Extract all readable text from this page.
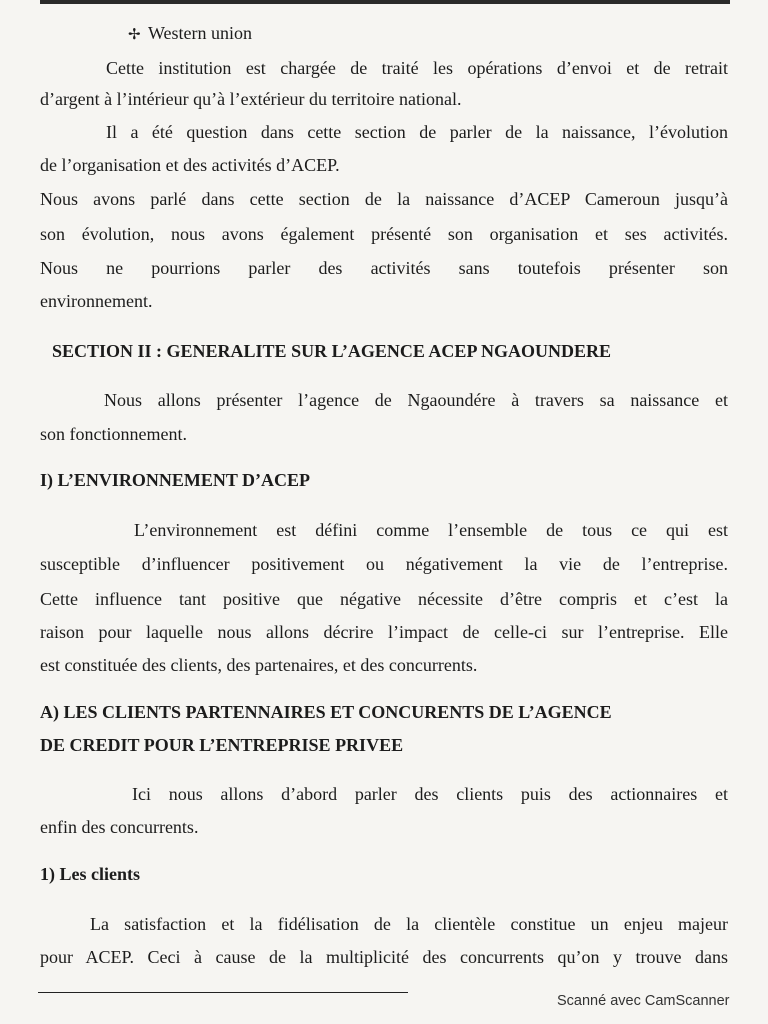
✢ Western union
Cette institution est chargée de traité les opérations d’envoi et de retrait
d’argent à l’intérieur qu’à l’extérieur du territoire national.
Il a été question dans cette section de parler de la naissance, l’évolution
de l’organisation et des activités d’ACEP.
Nous avons parlé dans cette section de la naissance d’ACEP Cameroun jusqu’à
son évolution, nous avons également présenté son organisation et ses activités.
Nous ne pourrions parler des activités sans toutefois présenter son
environnement.
SECTION II : GENERALITE SUR L’AGENCE ACEP NGAOUNDERE
Nous allons présenter l’agence de Ngaoundére à travers sa naissance et
son fonctionnement.
I) L’ENVIRONNEMENT D’ACEP
L’environnement est défini comme l’ensemble de tous ce qui est
susceptible d’influencer positivement ou négativement la vie de l’entreprise.
Cette influence tant positive que négative nécessite d’être compris et c’est la
raison pour laquelle nous allons décrire l’impact de celle-ci sur l’entreprise. Elle
est constituée des clients, des partenaires, et des concurrents.
A) LES CLIENTS PARTENNAIRES ET CONCURENTS DE L’AGENCE
DE CREDIT POUR L’ENTREPRISE PRIVEE
Ici nous allons d’abord parler des clients puis des actionnaires et
enfin des concurrents.
1) Les clients
La satisfaction et la fidélisation de la clientèle constitue un enjeu majeur
pour ACEP. Ceci à cause de la multiplicité des concurrents qu’on y trouve dans
Scanné avec CamScanner
